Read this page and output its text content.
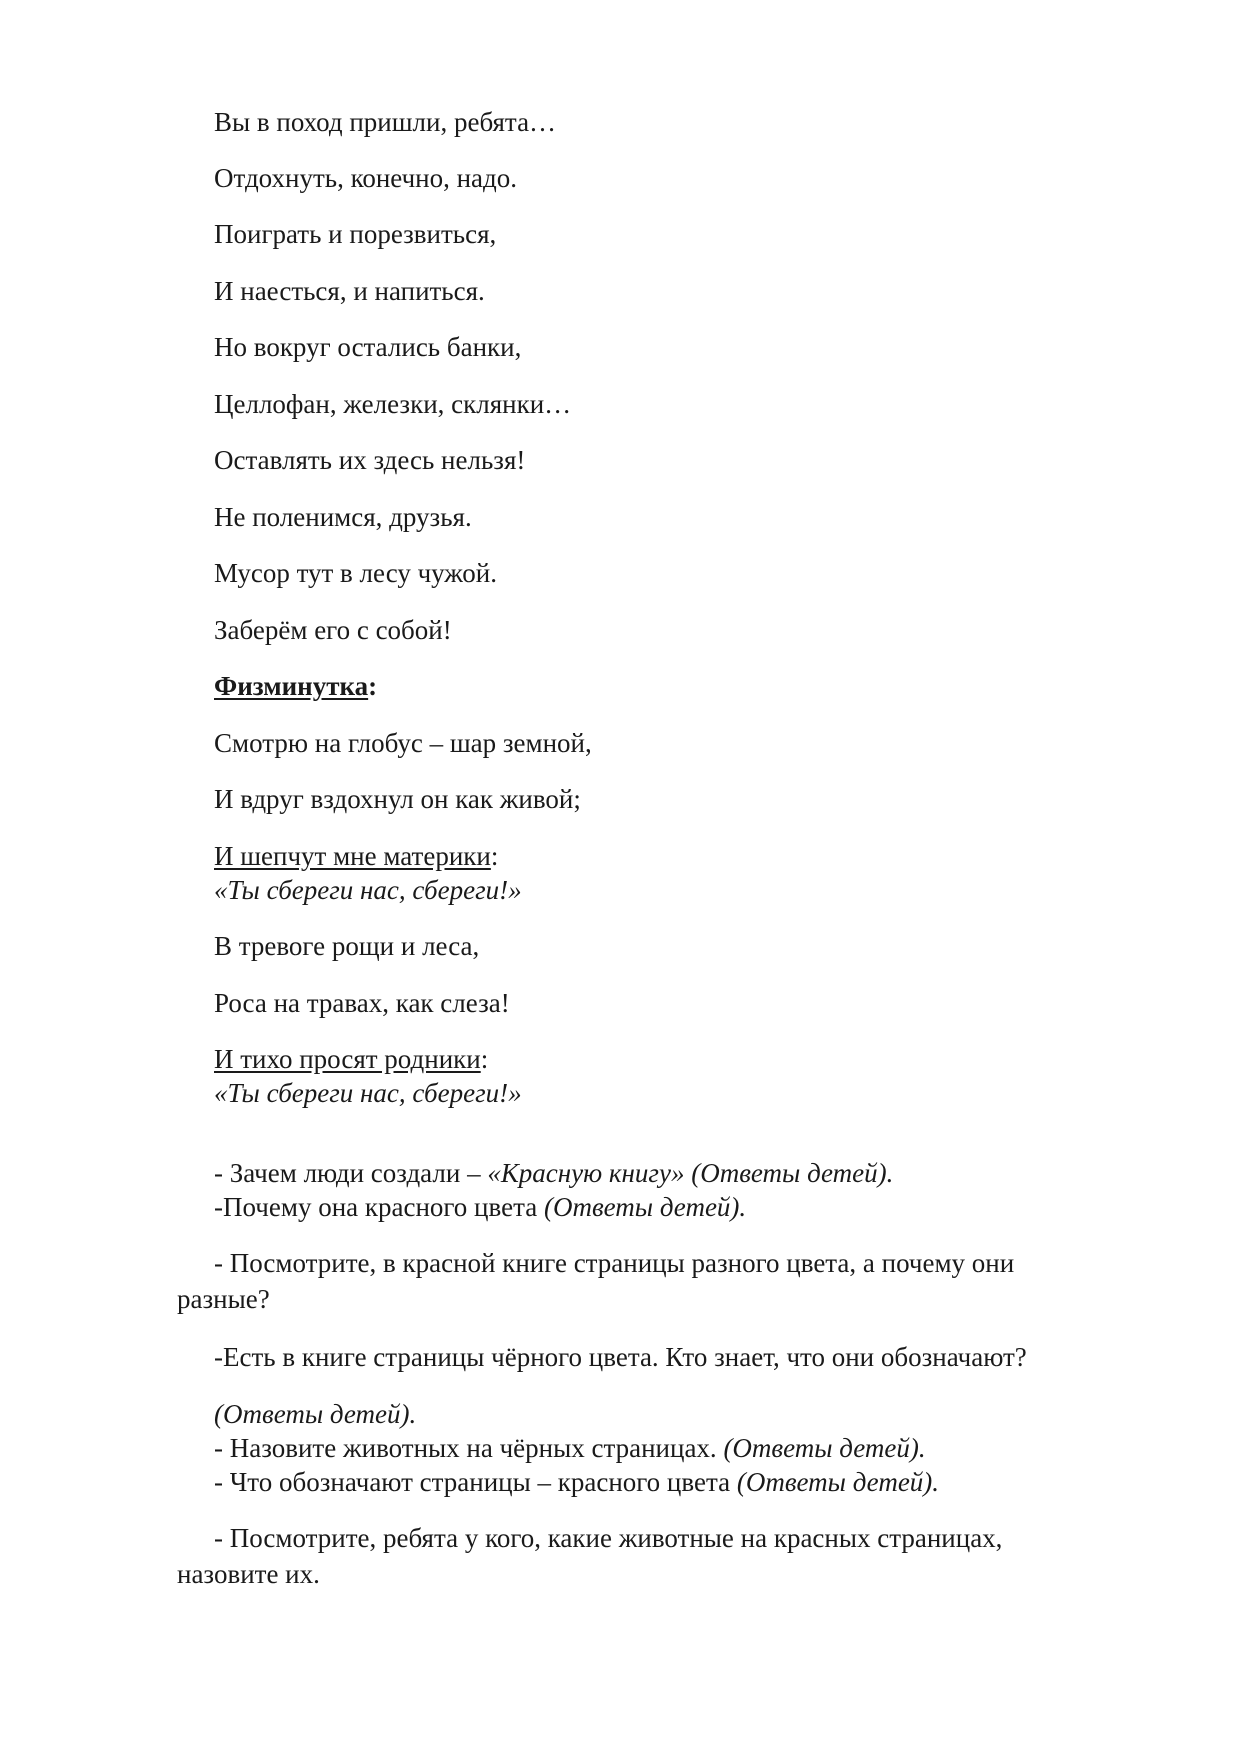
Вы в поход пришли, ребята…

Отдохнуть, конечно, надо.

Поиграть и порезвиться,

И наесться, и напиться.

Но вокруг остались банки,

Целлофан, железки, склянки…

Оставлять их здесь нельзя!

Не поленимся, друзья.

Мусор тут в лесу чужой.

Заберём его с собой!

Физминутка:

Смотрю на глобус – шар земной,

И вдруг вздохнул он как живой;

И шепчут мне материки:

«Ты сбереги нас, сбереги!»

В тревоге рощи и леса,

Роса на травах, как слеза!

И тихо просят родники:

«Ты сбереги нас, сбереги!»

- Зачем люди создали – «Красную книгу» (Ответы детей).

-Почему она красного цвета (Ответы детей).

- Посмотрите, в красной книге страницы разного цвета, а почему они разные?

-Есть в книге страницы чёрного цвета. Кто знает, что они обозначают?

(Ответы детей).

- Назовите животных на чёрных страницах. (Ответы детей).

- Что обозначают страницы – красного цвета (Ответы детей).

- Посмотрите, ребята у кого, какие животные на красных страницах, назовите их.
